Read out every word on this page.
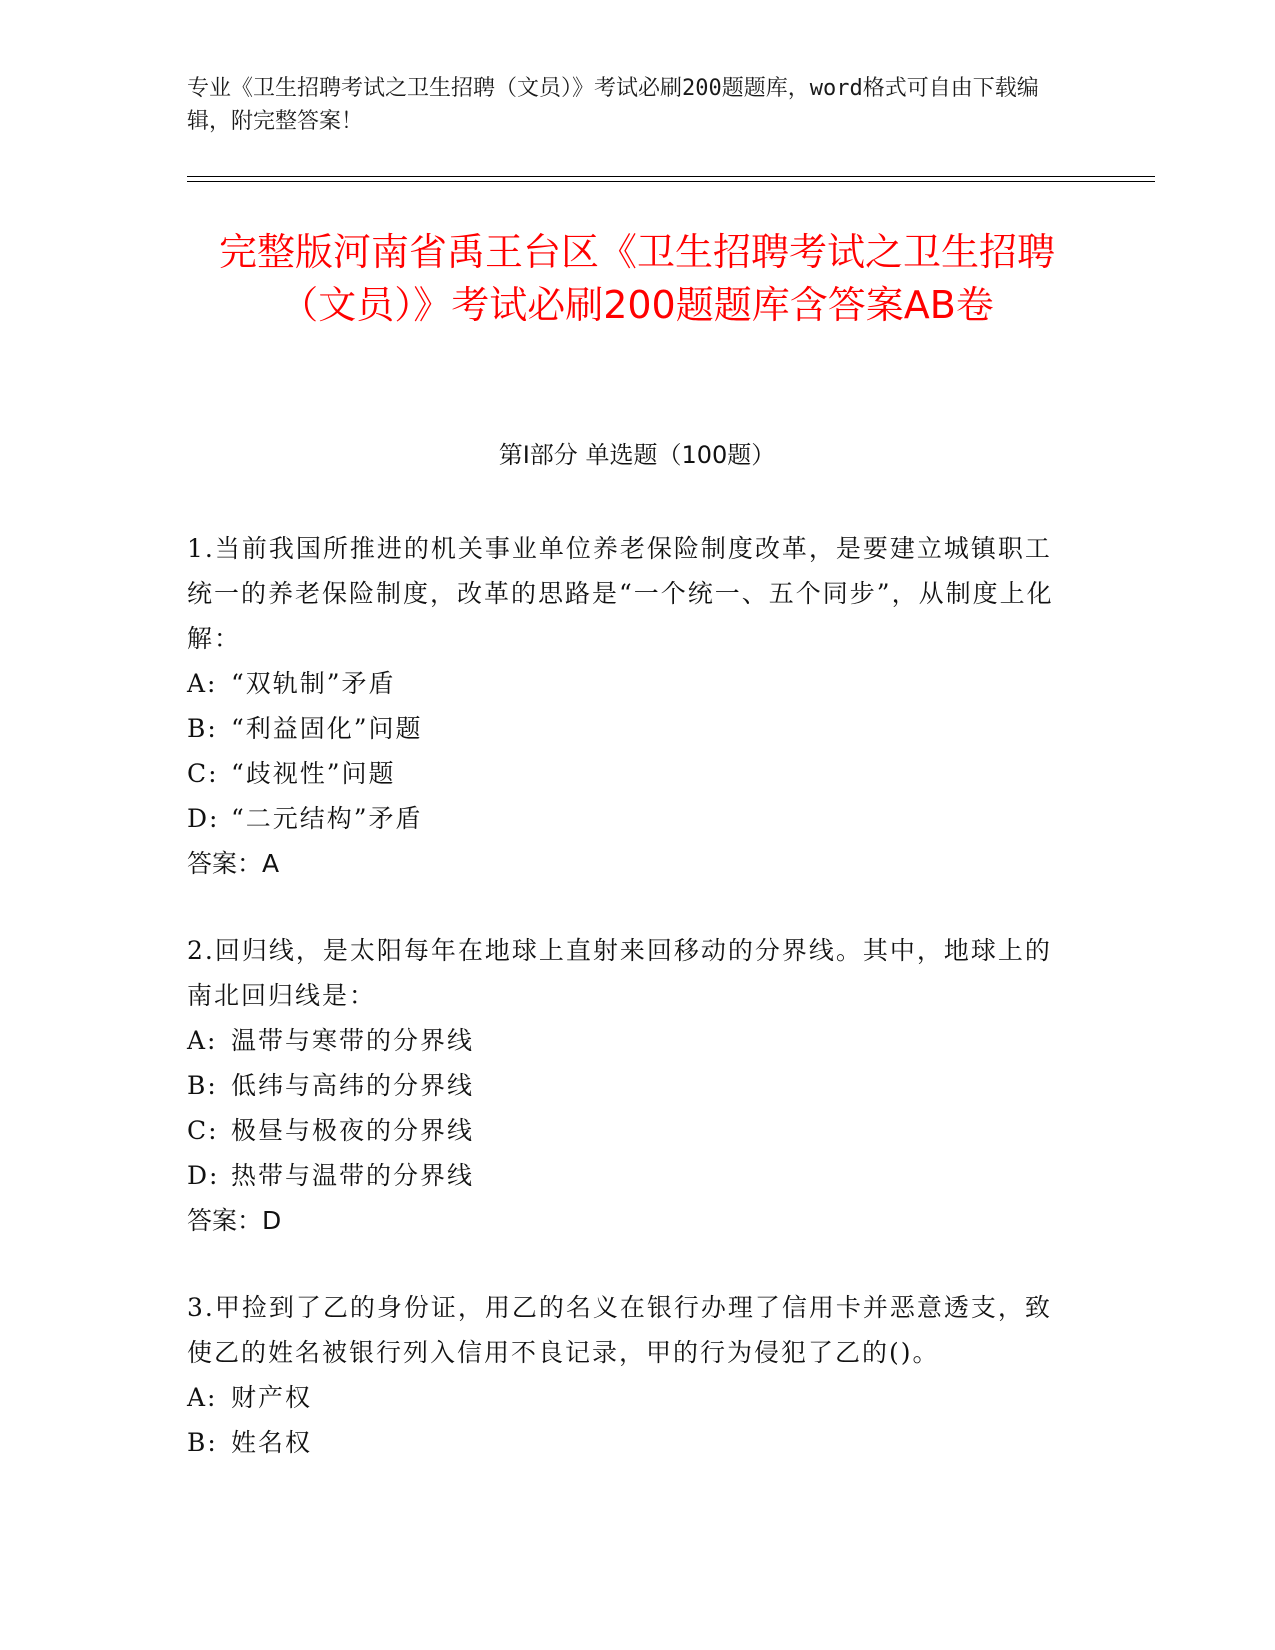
专业《卫生招聘考试之卫生招聘（文员）》考试必刷200题题库，word格式可自由下载编辑，附完整答案！
完整版河南省禹王台区《卫生招聘考试之卫生招聘（文员）》考试必刷200题题库含答案AB卷
第Ⅰ部分 单选题（100题）

1.当前我国所推进的机关事业单位养老保险制度改革，是要建立城镇职工统一的养老保险制度，改革的思路是“一个统一、五个同步”，从制度上化解：

A: “双轨制”矛盾

B: “利益固化”问题

C: “歧视性”问题

D: “二元结构”矛盾

答案：A

2.回归线，是太阳每年在地球上直射来回移动的分界线。其中，地球上的南北回归线是：

A: 温带与寒带的分界线

B: 低纬与高纬的分界线

C: 极昼与极夜的分界线

D: 热带与温带的分界线

答案：D

3.甲捡到了乙的身份证，用乙的名义在银行办理了信用卡并恶意透支，致使乙的姓名被银行列入信用不良记录，甲的行为侵犯了乙的()。

A: 财产权

B: 姓名权
